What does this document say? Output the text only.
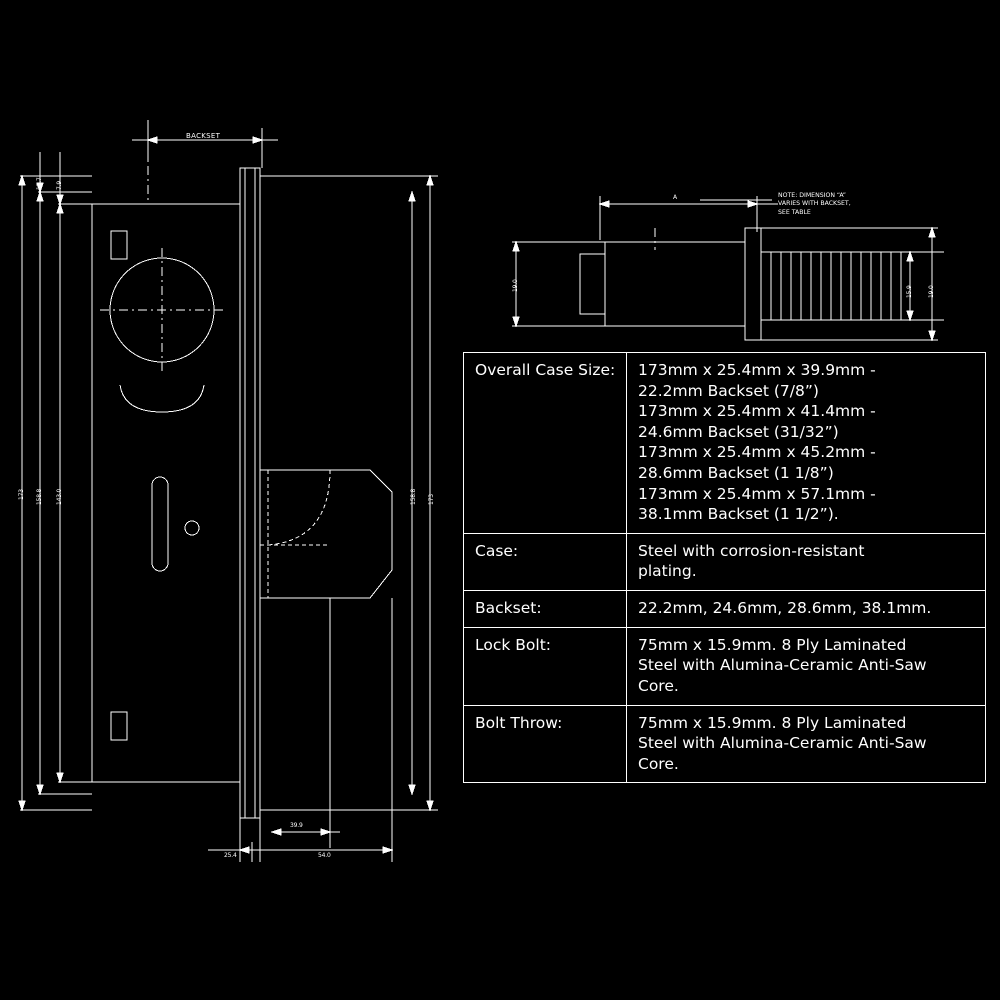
BACKSET
173 158.8 143.0
12.7 7.9
173
158.8
25.4
39.9
54.0
A
19.0	15.9	19.0
NOTE: DIMENSION “A”
VARIES WITH BACKSET,
SEE TABLE
Overall Case Size:	173mm x 25.4mm x 39.9mm -
22.2mm Backset (7/8”)
173mm x 25.4mm x 41.4mm -
24.6mm Backset (31/32”)
173mm x 25.4mm x 45.2mm -
28.6mm Backset (1 1/8”)
173mm x 25.4mm x 57.1mm -
38.1mm Backset (1 1/2”).

Case:	Steel with corrosion-resistant
plating.

Backset:	22.2mm, 24.6mm, 28.6mm, 38.1mm.

Lock Bolt:	75mm x 15.9mm. 8 Ply Laminated
Steel with Alumina-Ceramic Anti-Saw
Core.

Bolt Throw:	75mm x 15.9mm. 8 Ply Laminated
Steel with Alumina-Ceramic Anti-Saw
Core.
